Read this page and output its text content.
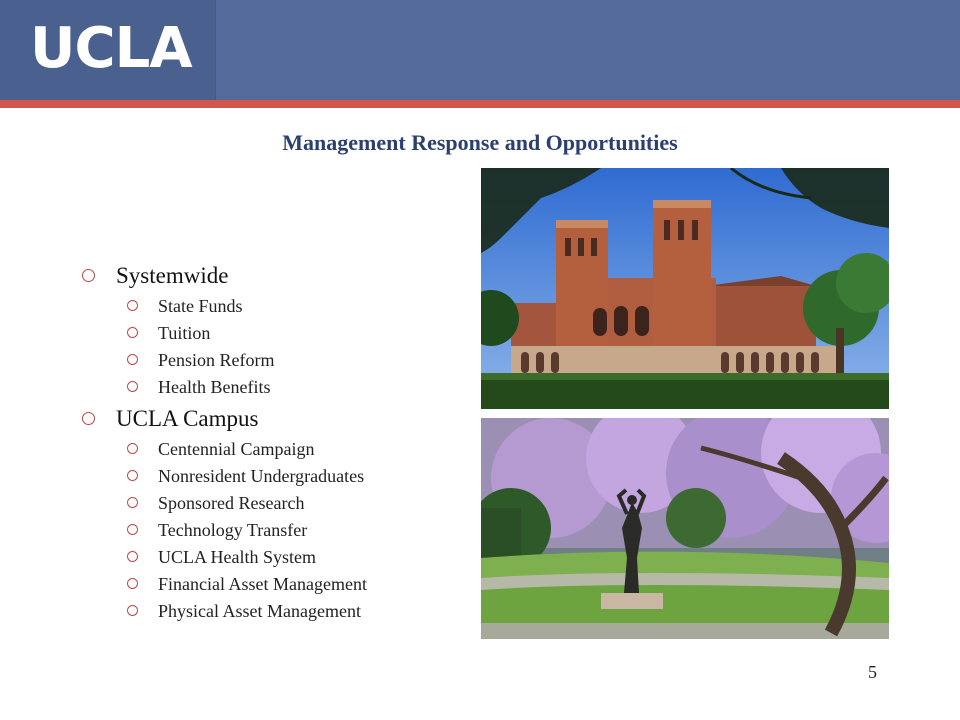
UCLA
Management Response and Opportunities
Systemwide
State Funds
Tuition
Pension Reform
Health Benefits
UCLA Campus
Centennial Campaign
Nonresident Undergraduates
Sponsored Research
Technology Transfer
UCLA Health System
Financial Asset Management
Physical Asset Management
5
